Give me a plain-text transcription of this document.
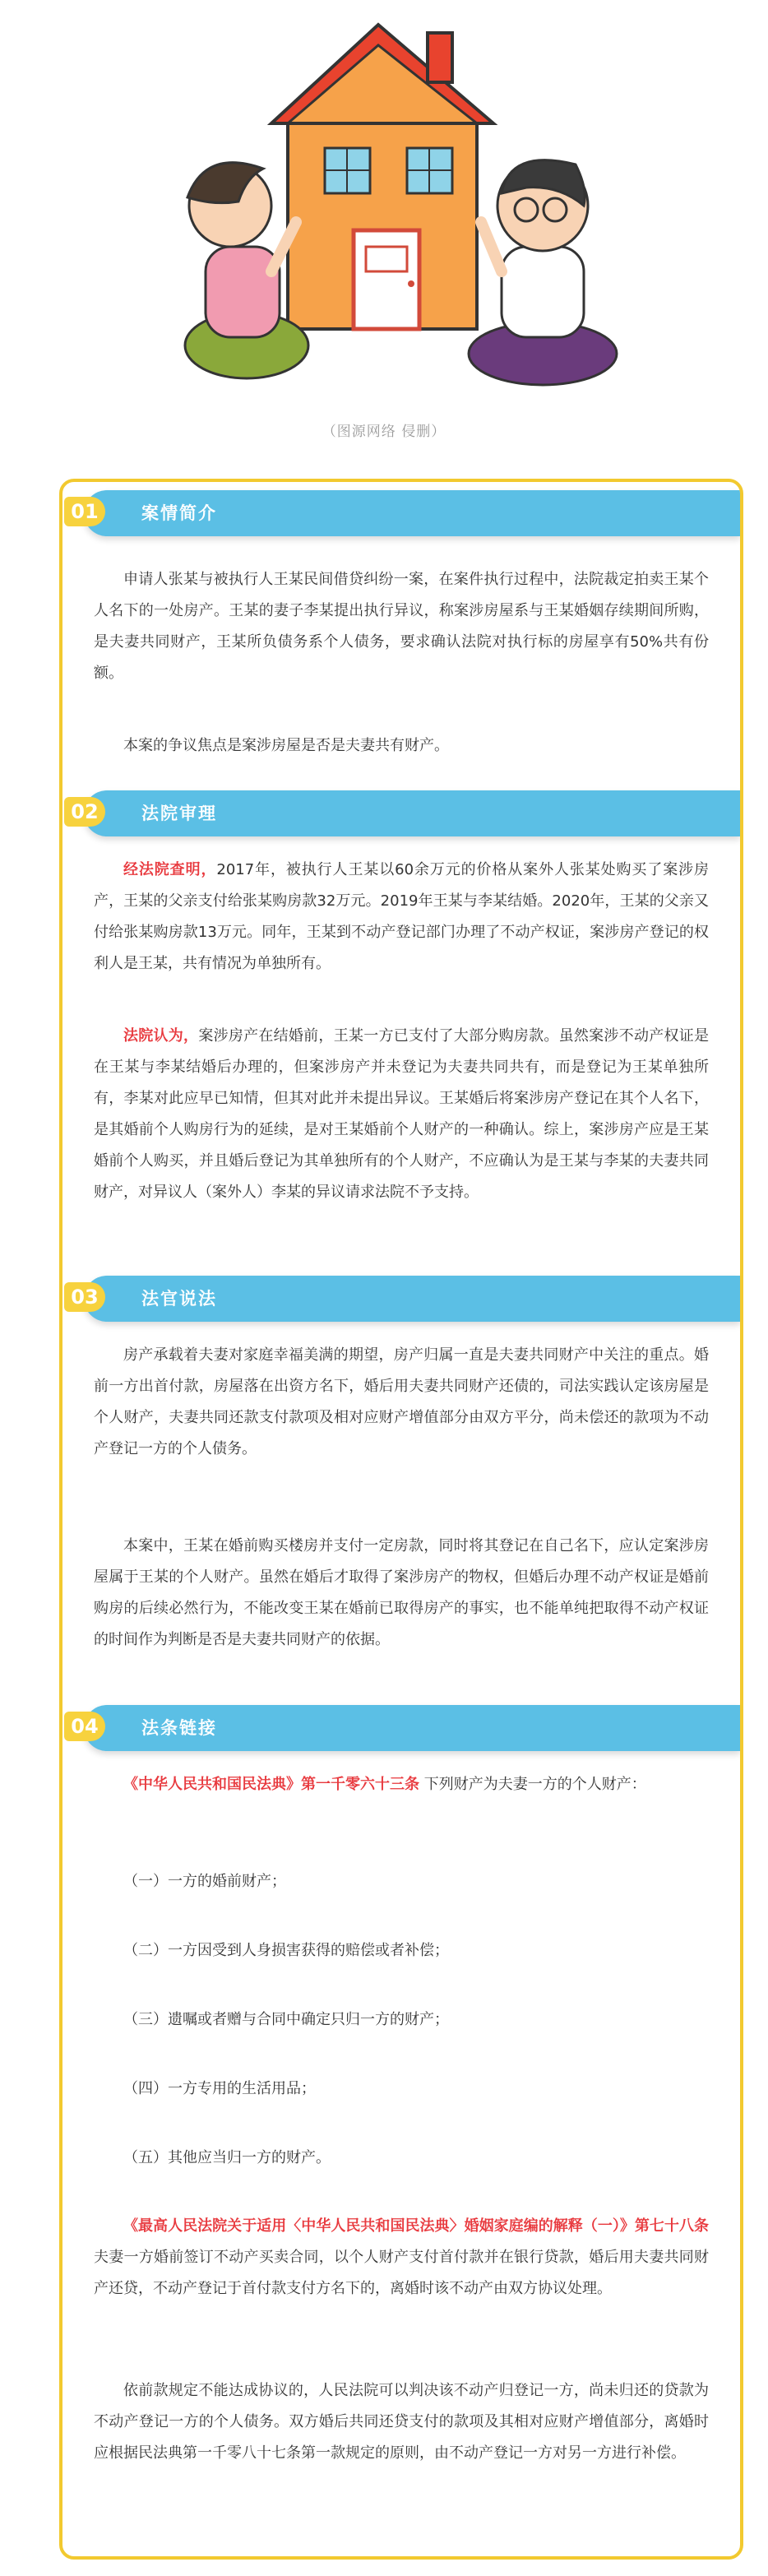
（图源网络 侵删）
01	案情简介
申请人张某与被执行人王某民间借贷纠纷一案，在案件执行过程中，法院裁定拍卖王某个人名下的一处房产。王某的妻子李某提出执行异议，称案涉房屋系与王某婚姻存续期间所购，是夫妻共同财产，王某所负债务系个人债务，要求确认法院对执行标的房屋享有50%共有份额。
本案的争议焦点是案涉房屋是否是夫妻共有财产。
02	法院审理
经法院查明，2017年，被执行人王某以60余万元的价格从案外人张某处购买了案涉房产，王某的父亲支付给张某购房款32万元。2019年王某与李某结婚。2020年，王某的父亲又付给张某购房款13万元。同年，王某到不动产登记部门办理了不动产权证，案涉房产登记的权利人是王某，共有情况为单独所有。
法院认为，案涉房产在结婚前，王某一方已支付了大部分购房款。虽然案涉不动产权证是在王某与李某结婚后办理的，但案涉房产并未登记为夫妻共同共有，而是登记为王某单独所有，李某对此应早已知情，但其对此并未提出异议。王某婚后将案涉房产登记在其个人名下，是其婚前个人购房行为的延续，是对王某婚前个人财产的一种确认。综上，案涉房产应是王某婚前个人购买，并且婚后登记为其单独所有的个人财产，不应确认为是王某与李某的夫妻共同财产，对异议人（案外人）李某的异议请求法院不予支持。
03	法官说法
房产承载着夫妻对家庭幸福美满的期望，房产归属一直是夫妻共同财产中关注的重点。婚前一方出首付款，房屋落在出资方名下，婚后用夫妻共同财产还债的，司法实践认定该房屋是个人财产，夫妻共同还款支付款项及相对应财产增值部分由双方平分，尚未偿还的款项为不动产登记一方的个人债务。
本案中，王某在婚前购买楼房并支付一定房款，同时将其登记在自己名下，应认定案涉房屋属于王某的个人财产。虽然在婚后才取得了案涉房产的物权，但婚后办理不动产权证是婚前购房的后续必然行为，不能改变王某在婚前已取得房产的事实，也不能单纯把取得不动产权证的时间作为判断是否是夫妻共同财产的依据。
04	法条链接
《中华人民共和国民法典》第一千零六十三条 下列财产为夫妻一方的个人财产：
（一）一方的婚前财产；
（二）一方因受到人身损害获得的赔偿或者补偿；
（三）遗嘱或者赠与合同中确定只归一方的财产；
（四）一方专用的生活用品；
（五）其他应当归一方的财产。
《最高人民法院关于适用〈中华人民共和国民法典〉婚姻家庭编的解释（一）》第七十八条 夫妻一方婚前签订不动产买卖合同，以个人财产支付首付款并在银行贷款，婚后用夫妻共同财产还贷，不动产登记于首付款支付方名下的，离婚时该不动产由双方协议处理。
依前款规定不能达成协议的，人民法院可以判决该不动产归登记一方，尚未归还的贷款为不动产登记一方的个人债务。双方婚后共同还贷支付的款项及其相对应财产增值部分，离婚时应根据民法典第一千零八十七条第一款规定的原则，由不动产登记一方对另一方进行补偿。
